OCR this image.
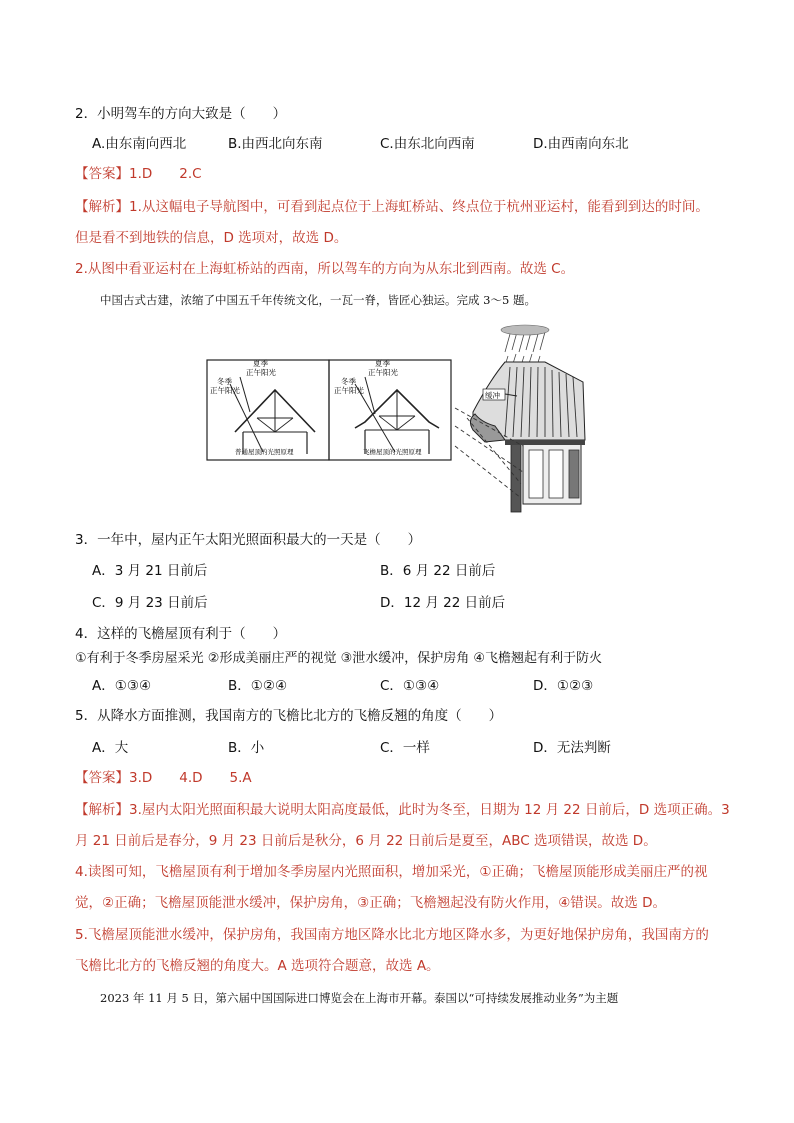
2．小明驾车的方向大致是（　　）
A.由东南向西北	B.由西北向东南	C.由东北向西南	D.由西南向东北
【答案】1.D　　2.C
【解析】1.从这幅电子导航图中，可看到起点位于上海虹桥站、终点位于杭州亚运村，能看到到达的时间。
但是看不到地铁的信息，D 选项对，故选 D。
2.从图中看亚运村在上海虹桥站的西南，所以驾车的方向为从东北到西南。故选 C。
中国古式古建，浓缩了中国五千年传统文化，一瓦一脊，皆匠心独运。完成 3～5 题。
夏季
正午阳光
冬季
正午阳光
普通屋顶的光照原理
夏季
正午阳光
冬季
正午阳光
飞檐屋顶的光照原理
缓冲
3．一年中，屋内正午太阳光照面积最大的一天是（　　）
A．3 月 21 日前后	B．6 月 22 日前后
C．9 月 23 日前后	D．12 月 22 日前后
4．这样的飞檐屋顶有利于（　　）
①有利于冬季房屋采光 ②形成美丽庄严的视觉 ③泄水缓冲，保护房角 ④飞檐翘起有利于防火
A．①③④	B．①②④	C．①③④	D．①②③
5．从降水方面推测，我国南方的飞檐比北方的飞檐反翘的角度（　　）
A．大	B．小	C．一样	D．无法判断
【答案】3.D　　4.D　　5.A
【解析】3.屋内太阳光照面积最大说明太阳高度最低，此时为冬至，日期为 12 月 22 日前后，D 选项正确。3
月 21 日前后是春分，9 月 23 日前后是秋分，6 月 22 日前后是夏至，ABC 选项错误，故选 D。
4.读图可知，飞檐屋顶有利于增加冬季房屋内光照面积，增加采光，①正确；飞檐屋顶能形成美丽庄严的视
觉，②正确；飞檐屋顶能泄水缓冲，保护房角，③正确；飞檐翘起没有防火作用，④错误。故选 D。
5.飞檐屋顶能泄水缓冲，保护房角，我国南方地区降水比北方地区降水多，为更好地保护房角，我国南方的
飞檐比北方的飞檐反翘的角度大。A 选项符合题意，故选 A。
2023 年 11 月 5 日，第六届中国国际进口博览会在上海市开幕。泰国以“可持续发展推动业务”为主题
